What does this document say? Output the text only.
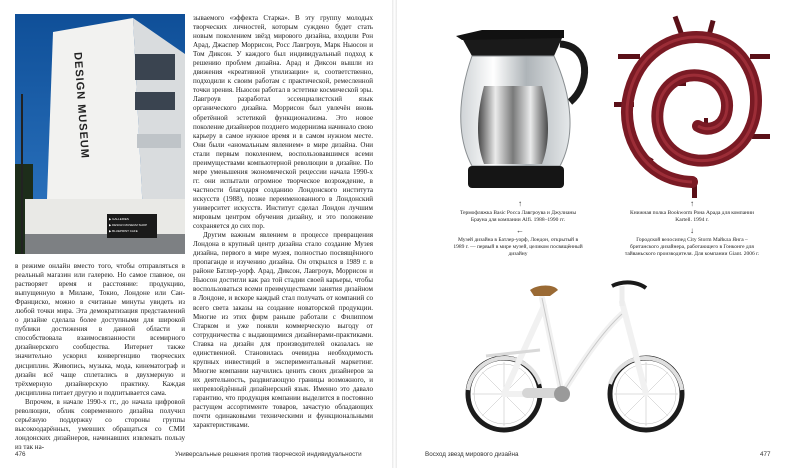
DESIGN MUSEUM
▶ GALLERIES
▶ DESIGN MUSEUM SHOP
▶ BLUEPRINT CAFE

в режиме онлайн вместо того, чтобы отправляться в реальный магазин или галерею. Но самое главное, он растворяет время и расстояние: продукцию, выпущенную в Милане, Токио, Лондоне или Сан-Франциско, можно в считаные минуты увидеть из любой точки мира. Эта демократизация представлений о дизайне сделала более доступными для широкой публики достижения в данной области и способствовала взаимосвязанности всемирного дизайнерского сообщества. Интернет также значительно ускорил конвергенцию творческих дисциплин. Живопись, музыка, мода, кинематограф и дизайн всё чаще сплетались в двухмерную и трёхмерную дизайнерскую практику. Каждая дисциплина питает другую и подпитывается сама.

Впрочем, в начале 1990-х гг., до начала цифровой революции, облик современного дизайна получил серьёзную поддержку со стороны группы высокоодарённых, умевших обращаться со СМИ лондонских дизайнеров, начинавших извлекать пользу из так на-

зываемого «эффекта Старка». В эту группу молодых творческих личностей, которым суждено будет стать новым поколением звёзд мирового дизайна, входили Рон Арад, Джаспер Моррисон, Росс Лавгроув, Марк Ньюсон и Том Диксон. У каждого был индивидуальный подход к решению проблем дизайна. Арад и Диксон вышли из движения «креативной утилизации» и, соответственно, подходили к своим работам с практической, ремесленной точки зрения. Ньюсон работал в эстетике космической эры. Лавгроув разработал эссенциалистский язык органического дизайна. Моррисон был увлечён вновь обретённой эстетикой функционализма. Это новое поколение дизайнеров позднего модернизма начинало свою карьеру в самое нужное время и в самом нужном месте. Они были «аномальным явлением» в мире дизайна. Они стали первым поколением, воспользовавшимся всеми преимуществами компьютерной революции в дизайне. По мере уменьшения экономической рецессии начала 1990-х гг. они испытали огромное творческое возрождение, в частности благодаря созданию Лондонского института искусств (1988), позже переименованного в Лондонский университет искусств. Институт сделал Лондон лучшим мировым центром обучения дизайну, и это положение сохраняется до сих пор.

Другим важным явлением в процессе превращения Лондона в крупный центр дизайна стало создание Музея дизайна, первого в мире музея, полностью посвящённого пропаганде и изучению дизайна. Он открылся в 1989 г. в районе Батлер-уорф. Арад, Диксон, Лавгроув, Моррисон и Ньюсон достигли как раз той стадии своей карьеры, чтобы воспользоваться всеми преимуществами занятия дизайном в Лондоне, и вскоре каждый стал получать от компаний со всего света заказы на создание новаторской продукции. Многие из этих фирм раньше работали с Филиппом Старком и уже поняли коммерческую выгоду от сотрудничества с выдающимися дизайнерами-практиками. Ставка на дизайн для производителей оказалась не единственной. Становилась очевидна необходимость крупных инвестиций в экспериментальный маркетинг. Многие компании научились ценить своих дизайнеров за их деятельность, раздвигающую границы возможного, и непревзойдённый дизайнерский язык. Именно это давало гарантию, что продукция компании выделится в постоянно растущем ассортименте товаров, зачастую обладающих почти одинаковыми техническими и функциональными характеристиками.

476	Универсальные решения против творческой индивидуальности
↑

Термофляжка Basic Росса Лавгроува и Джулианы Брауна для компании Alfi. 1988–1990 гг.

←

Музей дизайна в Батлер-уорф, Лондон, открытый в 1989 г. — первый в мире музей, целиком посвящённый дизайну

↑

Книжная полка Bookworm Рона Арада для компании Kartell. 1994 г.

↓

Городской велосипед City Storm Майкла Янга – британского дизайнера, работающего в Гонконге для тайваньского производителя. Для компании Giant. 2006 г.

Восход звезд мирового дизайна	477
